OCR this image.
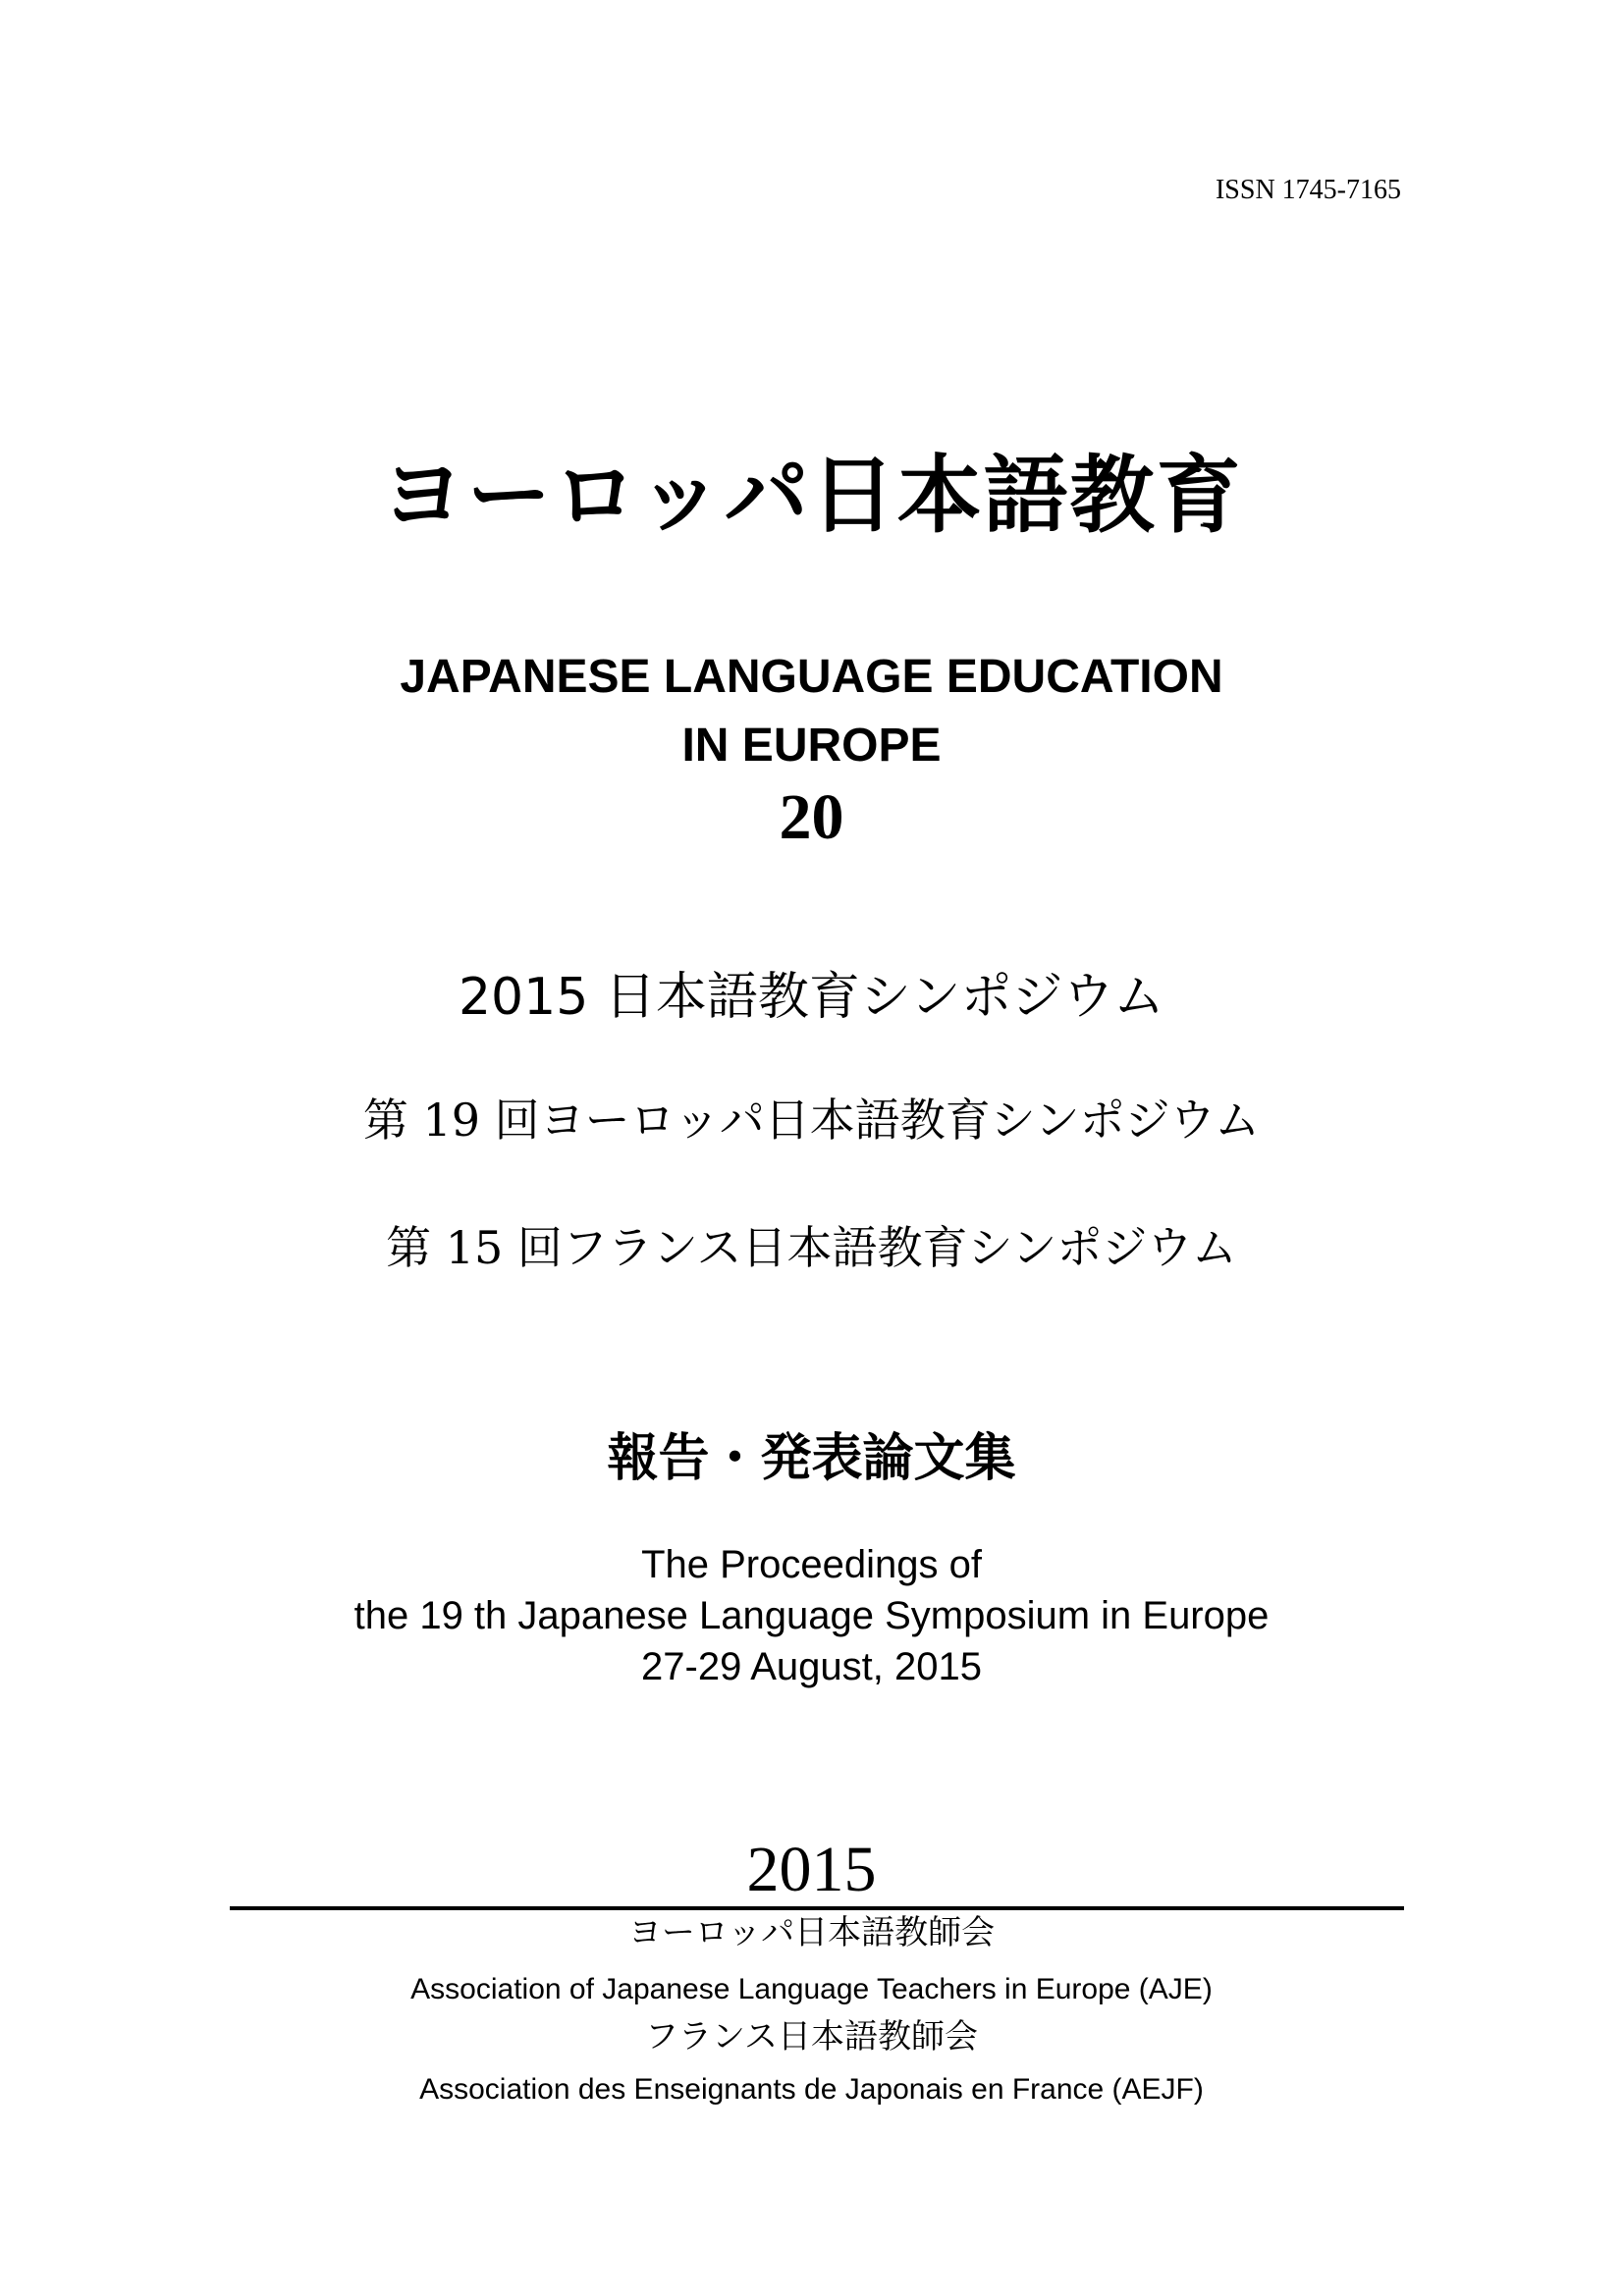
ISSN 1745-7165
ヨーロッパ日本語教育
JAPANESE LANGUAGE EDUCATION
IN EUROPE
20
2015 日本語教育シンポジウム
第 19 回ヨーロッパ日本語教育シンポジウム
第 15 回フランス日本語教育シンポジウム
報告・発表論文集
The Proceedings of
the 19 th Japanese Language Symposium in Europe
27-29 August, 2015
2015
ヨーロッパ日本語教師会
Association of Japanese Language Teachers in Europe (AJE)
フランス日本語教師会
Association des Enseignants de Japonais en France (AEJF)
